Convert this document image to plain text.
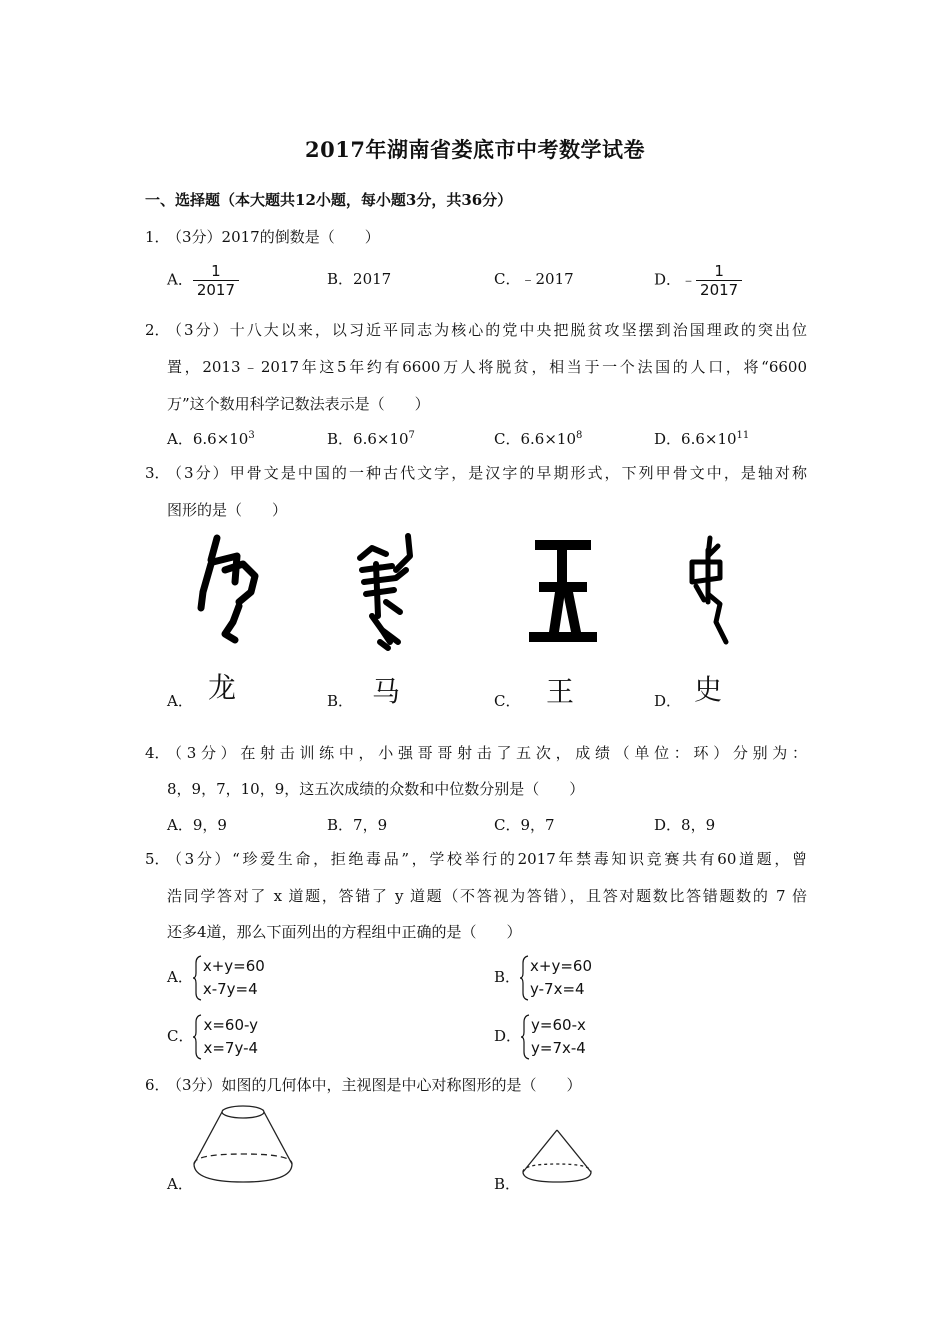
2017年湖南省娄底市中考数学试卷
一、选择题（本大题共12小题，每小题3分，共36分）
1．
（3分）2017的倒数是（　　）
A． $\frac{1}{2017}$	B．2017	C．﹣2017	D．﹣ $\frac{1}{2017}$
2．
（3分）十八大以来，以习近平同志为核心的党中央把脱贫攻坚摆到治国理政的突出位
置，2013﹣2017年这5年约有6600万人将脱贫，相当于一个法国的人口，将“6600
万”这个数用科学记数法表示是（　　）
A．$6.6\times 10^3$	B．$6.6\times 10^7$	C．$6.6\times 10^8$	D．$6.6\times 10^{11}$
3．
（3分）甲骨文是中国的一种古代文字，是汉字的早期形式，下列甲骨文中，是轴对称
图形的是（　　）
A． 龙	B． 马	C． 王	D． 史
4．
（3分）在射击训练中，小强哥哥射击了五次，成绩（单位：环）分别为：
8，9，7，10，9，这五次成绩的众数和中位数分别是（　　）
A．9，9	B．7，9	C．9，7	D．8，9
5．
（3分）“珍爱生命，拒绝毒品”，学校举行的2017年禁毒知识竞赛共有60道题，曾
浩同学答对了 x 道题，答错了 y 道题（不答视为答错），且答对题数比答错题数的 7 倍
还多4道，那么下面列出的方程组中正确的是（　　）
A．
x+y=60
x-7y=4
B．
x+y=60
y-7x=4
C．
x=60-y
x=7y-4
D．
y=60-x
y=7x-4
6．
（3分）如图的几何体中，主视图是中心对称图形的是（　　）
A．	B．
